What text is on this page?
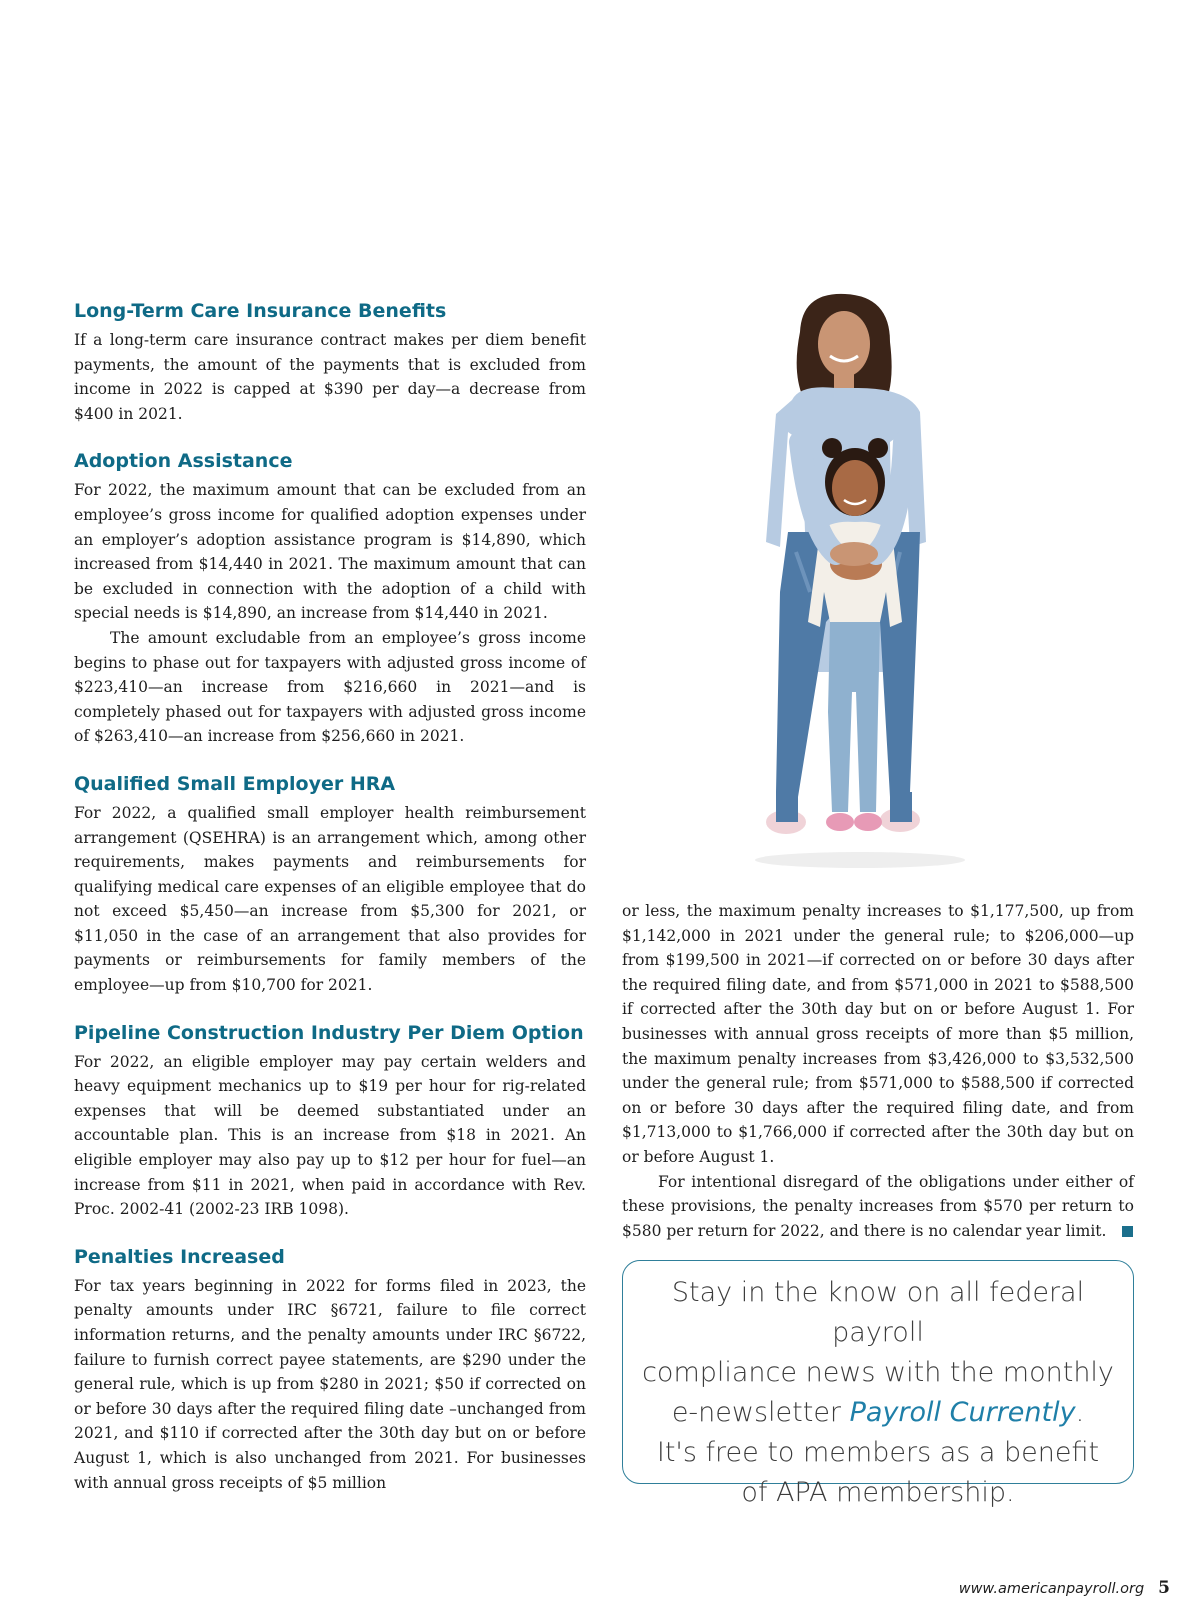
Long-Term Care Insurance Benefits

If a long-term care insurance contract makes per diem benefit payments, the amount of the payments that is excluded from income in 2022 is capped at $390 per day—a decrease from $400 in 2021.

Adoption Assistance

For 2022, the maximum amount that can be excluded from an employee’s gross income for qualified adoption expenses under an employer’s adoption assistance program is $14,890, which increased from $14,440 in 2021. The maximum amount that can be excluded in connection with the adoption of a child with special needs is $14,890, an increase from $14,440 in 2021.

The amount excludable from an employee’s gross income begins to phase out for taxpayers with adjusted gross income of $223,410—an increase from $216,660 in 2021—and is completely phased out for taxpayers with adjusted gross income of $263,410—an increase from $256,660 in 2021.

Qualified Small Employer HRA

For 2022, a qualified small employer health reimbursement arrangement (QSEHRA) is an arrangement which, among other requirements, makes payments and reimbursements for qualifying medical care expenses of an eligible employee that do not exceed $5,450—an increase from $5,300 for 2021, or $11,050 in the case of an arrangement that also provides for payments or reimbursements for family members of the employee—up from $10,700 for 2021.

Pipeline Construction Industry Per Diem Option

For 2022, an eligible employer may pay certain welders and heavy equipment mechanics up to $19 per hour for rig-related expenses that will be deemed substantiated under an accountable plan. This is an increase from $18 in 2021. An eligible employer may also pay up to $12 per hour for fuel—an increase from $11 in 2021, when paid in accordance with Rev. Proc. 2002-41 (2002-23 IRB 1098).

Penalties Increased

For tax years beginning in 2022 for forms filed in 2023, the penalty amounts under IRC §6721, failure to file correct information returns, and the penalty amounts under IRC §6722, failure to furnish correct payee statements, are $290 under the general rule, which is up from $280 in 2021; $50 if corrected on or before 30 days after the required filing date –unchanged from 2021, and $110 if corrected after the 30th day but on or before August 1, which is also unchanged from 2021. For businesses with annual gross receipts of $5 million

or less, the maximum penalty increases to $1,177,500, up from $1,142,000 in 2021 under the general rule; to $206,000—up from $199,500 in 2021—if corrected on or before 30 days after the required filing date, and from $571,000 in 2021 to $588,500 if corrected after the 30th day but on or before August 1. For businesses with annual gross receipts of more than $5 million, the maximum penalty increases from $3,426,000 to $3,532,500 under the general rule; from $571,000 to $588,500 if corrected on or before 30 days after the required filing date, and from $1,713,000 to $1,766,000 if corrected after the 30th day but on or before August 1.

For intentional disregard of the obligations under either of these provisions, the penalty increases from $570 per return to $580 per return for 2022, and there is no calendar year limit.

Stay in the know on all federal payroll
compliance news with the monthly
e-newsletter Payroll Currently.
It's free to members as a benefit
of APA membership.
www.americanpayroll.org 5
